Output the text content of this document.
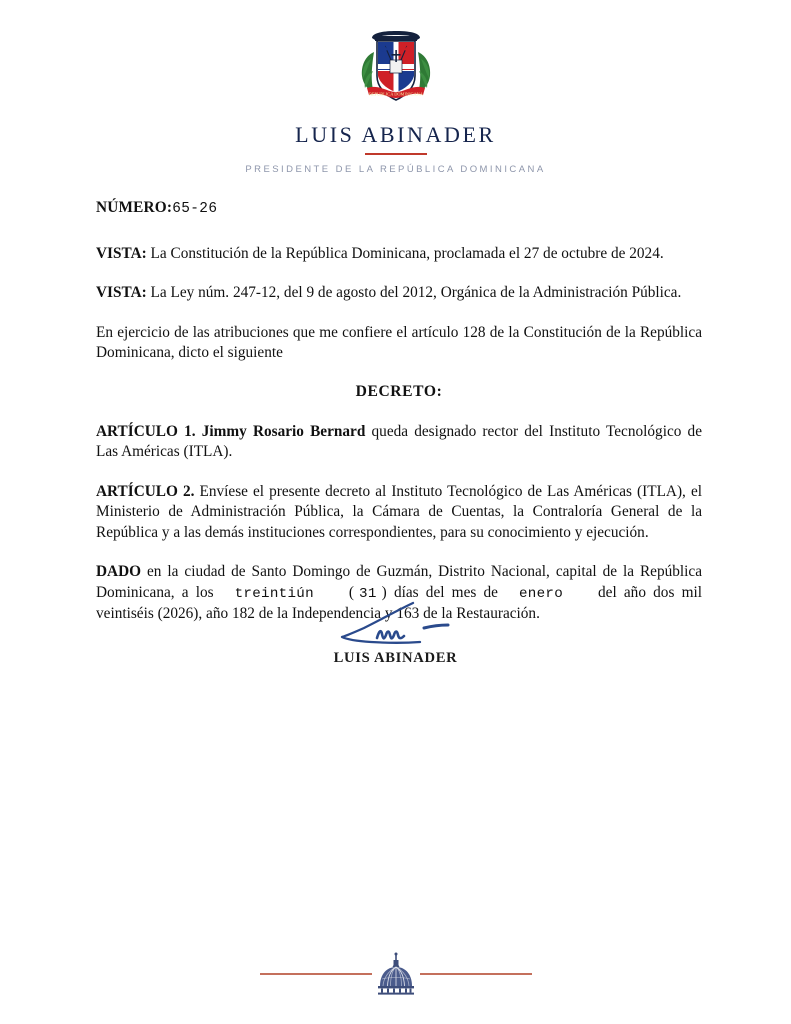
REPUBLICA DOMINICANA
LUIS ABINADER
PRESIDENTE DE LA REPÚBLICA DOMINICANA

NÚMERO:65-26

VISTA: La Constitución de la República Dominicana, proclamada el 27 de octubre de 2024.

VISTA: La Ley núm. 247-12, del 9 de agosto del 2012, Orgánica de la Administración Pública.

En ejercicio de las atribuciones que me confiere el artículo 128 de la Constitución de la República Dominicana, dicto el siguiente

DECRETO:

ARTÍCULO 1. Jimmy Rosario Bernard queda designado rector del Instituto Tecnológico de Las Américas (ITLA).

ARTÍCULO 2. Envíese el presente decreto al Instituto Tecnológico de Las Américas (ITLA), el Ministerio de Administración Pública, la Cámara de Cuentas, la Contraloría General de la República y a las demás instituciones correspondientes, para su conocimiento y ejecución.

DADO en la ciudad de Santo Domingo de Guzmán, Distrito Nacional, capital de la República Dominicana, a los treintiún ( 31 ) días del mes de enero del año dos mil veintiséis (2026), año 182 de la Independencia y 163 de la Restauración.

LUIS ABINADER
